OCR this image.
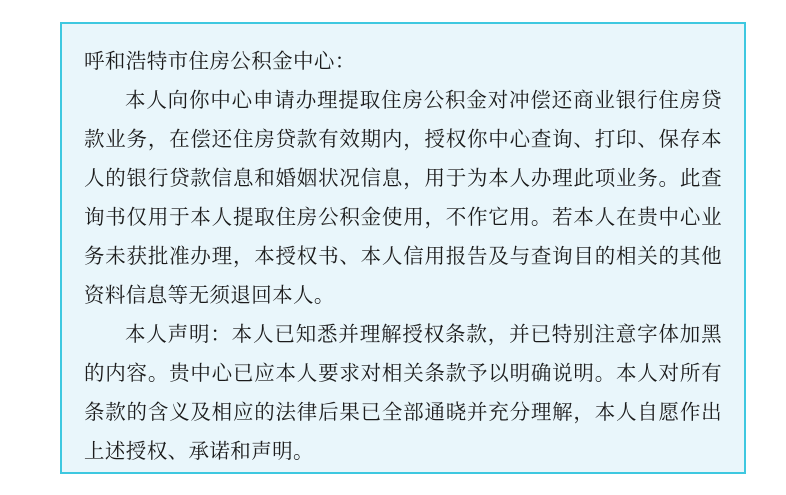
呼和浩特市住房公积金中心：

本人向你中心申请办理提取住房公积金对冲偿还商业银行住房贷款业务，在偿还住房贷款有效期内，授权你中心查询、打印、保存本人的银行贷款信息和婚姻状况信息，用于为本人办理此项业务。此查询书仅用于本人提取住房公积金使用，不作它用。若本人在贵中心业务未获批准办理，本授权书、本人信用报告及与查询目的相关的其他资料信息等无须退回本人。

本人声明：本人已知悉并理解授权条款，并已特别注意字体加黑的内容。贵中心已应本人要求对相关条款予以明确说明。本人对所有条款的含义及相应的法律后果已全部通晓并充分理解，本人自愿作出上述授权、承诺和声明。
